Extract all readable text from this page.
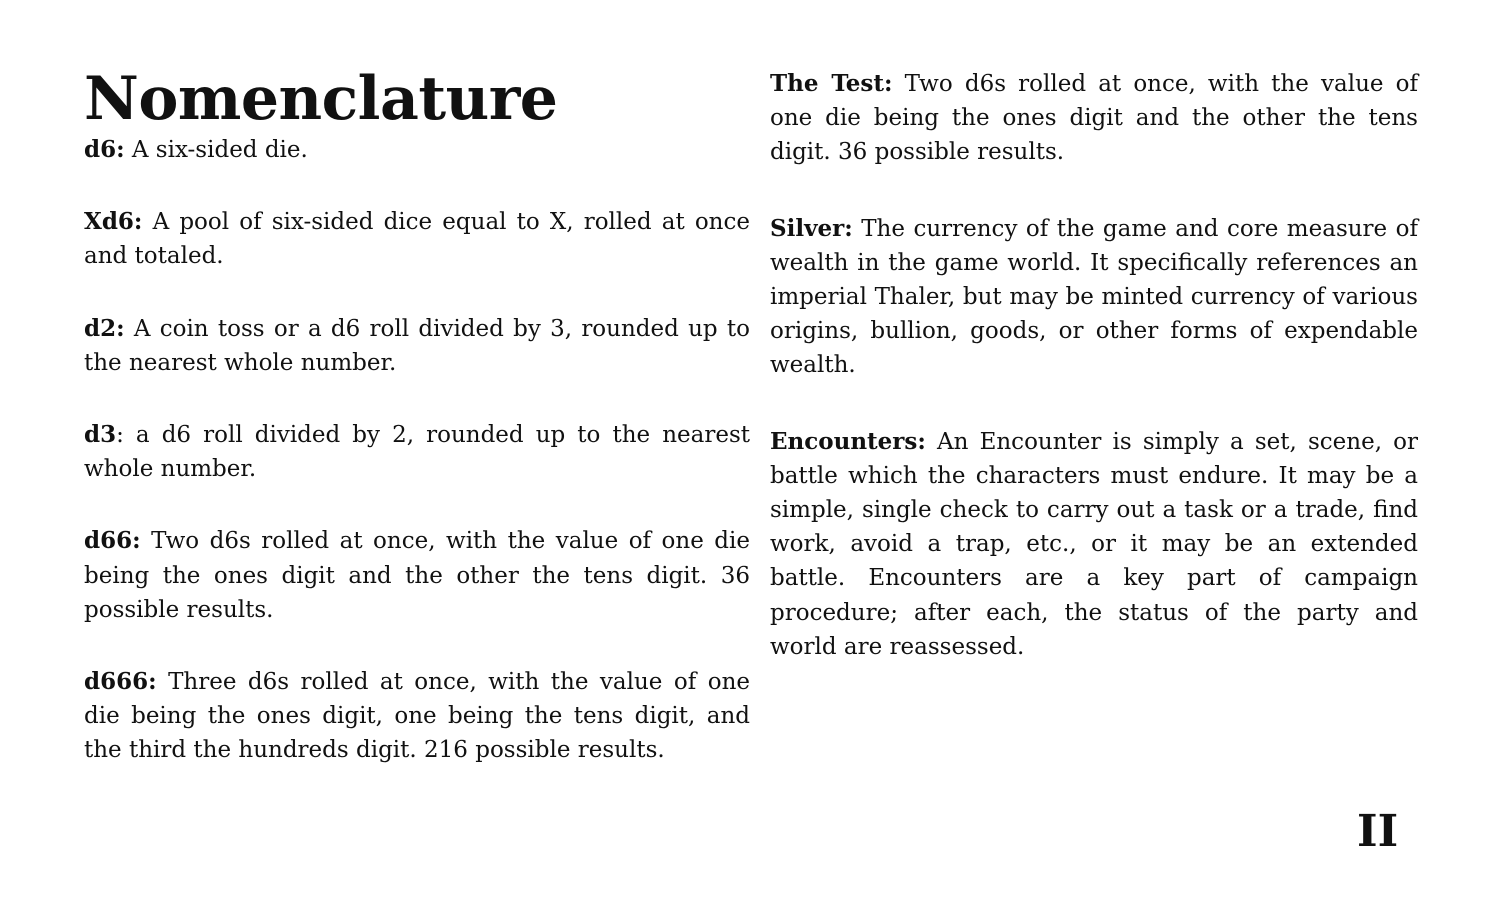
Nomenclature

d6: A six-sided die.

Xd6: A pool of six-sided dice equal to X, rolled at once and totaled.

d2: A coin toss or a d6 roll divided by 3, rounded up to the nearest whole number.

d3: a d6 roll divided by 2, rounded up to the nearest whole number.

d66: Two d6s rolled at once, with the value of one die being the ones digit and the other the tens digit. 36 possible results.

d666: Three d6s rolled at once, with the value of one die being the ones digit, one being the tens digit, and the third the hundreds digit. 216 possible results.

The Test: Two d6s rolled at once, with the value of one die being the ones digit and the other the tens digit. 36 possible results.

Silver: The currency of the game and core measure of wealth in the game world. It specifically references an imperial Thaler, but may be minted currency of various origins, bullion, goods, or other forms of expendable wealth.

Encounters: An Encounter is simply a set, scene, or battle which the characters must endure. It may be a simple, single check to carry out a task or a trade, find work, avoid a trap, etc., or it may be an extended battle. Encounters are a key part of campaign procedure; after each, the status of the party and world are reassessed.

II
